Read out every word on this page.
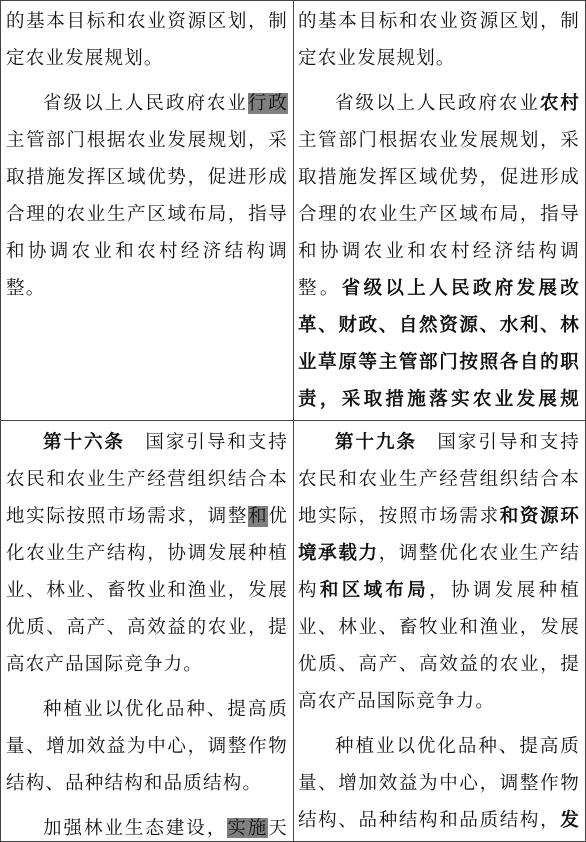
的基本目标和农业资源区划，制定农业发展规划。

省级以上人民政府农业行政主管部门根据农业发展规划，采取措施发挥区域优势，促进形成合理的农业生产区域布局，指导和协调农业和农村经济结构调整。

的基本目标和农业资源区划，制定农业发展规划。

省级以上人民政府农业农村主管部门根据农业发展规划，采取措施发挥区域优势，促进形成合理的农业生产区域布局，指导和协调农业和农村经济结构调整。省级以上人民政府发展改革、财政、自然资源、水利、林业草原等主管部门按照各自的职责，采取措施落实农业发展规

第十六条　国家引导和支持农民和农业生产经营组织结合本地实际按照市场需求，调整和优化农业生产结构，协调发展种植业、林业、畜牧业和渔业，发展优质、高产、高效益的农业，提高农产品国际竞争力。

种植业以优化品种、提高质量、增加效益为中心，调整作物结构、品种结构和品质结构。

加强林业生态建设，实施天

第十九条　国家引导和支持农民和农业生产经营组织结合本地实际，按照市场需求和资源环境承载力，调整优化农业生产结构和区域布局，协调发展种植业、林业、畜牧业和渔业，发展优质、高产、高效益的农业，提高农产品国际竞争力。

种植业以优化品种、提高质量、增加效益为中心，调整作物结构、品种结构和品质结构，发
